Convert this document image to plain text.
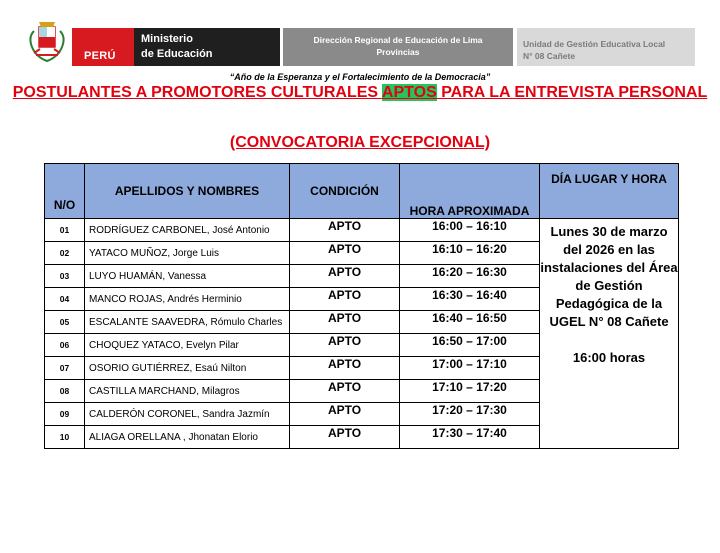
PERÚ
Ministerio
de Educación
Dirección Regional de Educación de Lima
Provincias
Unidad de Gestión Educativa Local
N° 08 Cañete
“Año de la Esperanza y el Fortalecimiento de la Democracia”
POSTULANTES A PROMOTORES CULTURALES APTOS PARA LA ENTREVISTA PERSONAL
(CONVOCATORIA EXCEPCIONAL)
N/O	APELLIDOS Y NOMBRES	CONDICIÓN	HORA APROXIMADA	DÍA LUGAR Y HORA
01	RODRÍGUEZ CARBONEL, José Antonio	APTO	16:00 – 16:10	Lunes 30 de marzo del 2026 en las instalaciones del Área de Gestión Pedagógica de la UGEL N° 08 Cañete
16:00 horas

02	YATACO MUÑOZ, Jorge Luis	APTO	16:10 – 16:20	
03	LUYO HUAMÁN, Vanessa	APTO	16:20 – 16:30	
04	MANCO ROJAS, Andrés Herminio	APTO	16:30 – 16:40	
05	ESCALANTE SAAVEDRA, Rómulo Charles	APTO	16:40 – 16:50	
06	CHOQUEZ YATACO, Evelyn Pilar	APTO	16:50 – 17:00	
07	OSORIO GUTIÉRREZ, Esaú Nilton	APTO	17:00 – 17:10	
08	CASTILLA MARCHAND, Milagros	APTO	17:10 – 17:20	
09	CALDERÓN CORONEL, Sandra Jazmín	APTO	17:20 – 17:30	
10	ALIAGA ORELLANA , Jhonatan Elorio	APTO	17:30 – 17:40	
